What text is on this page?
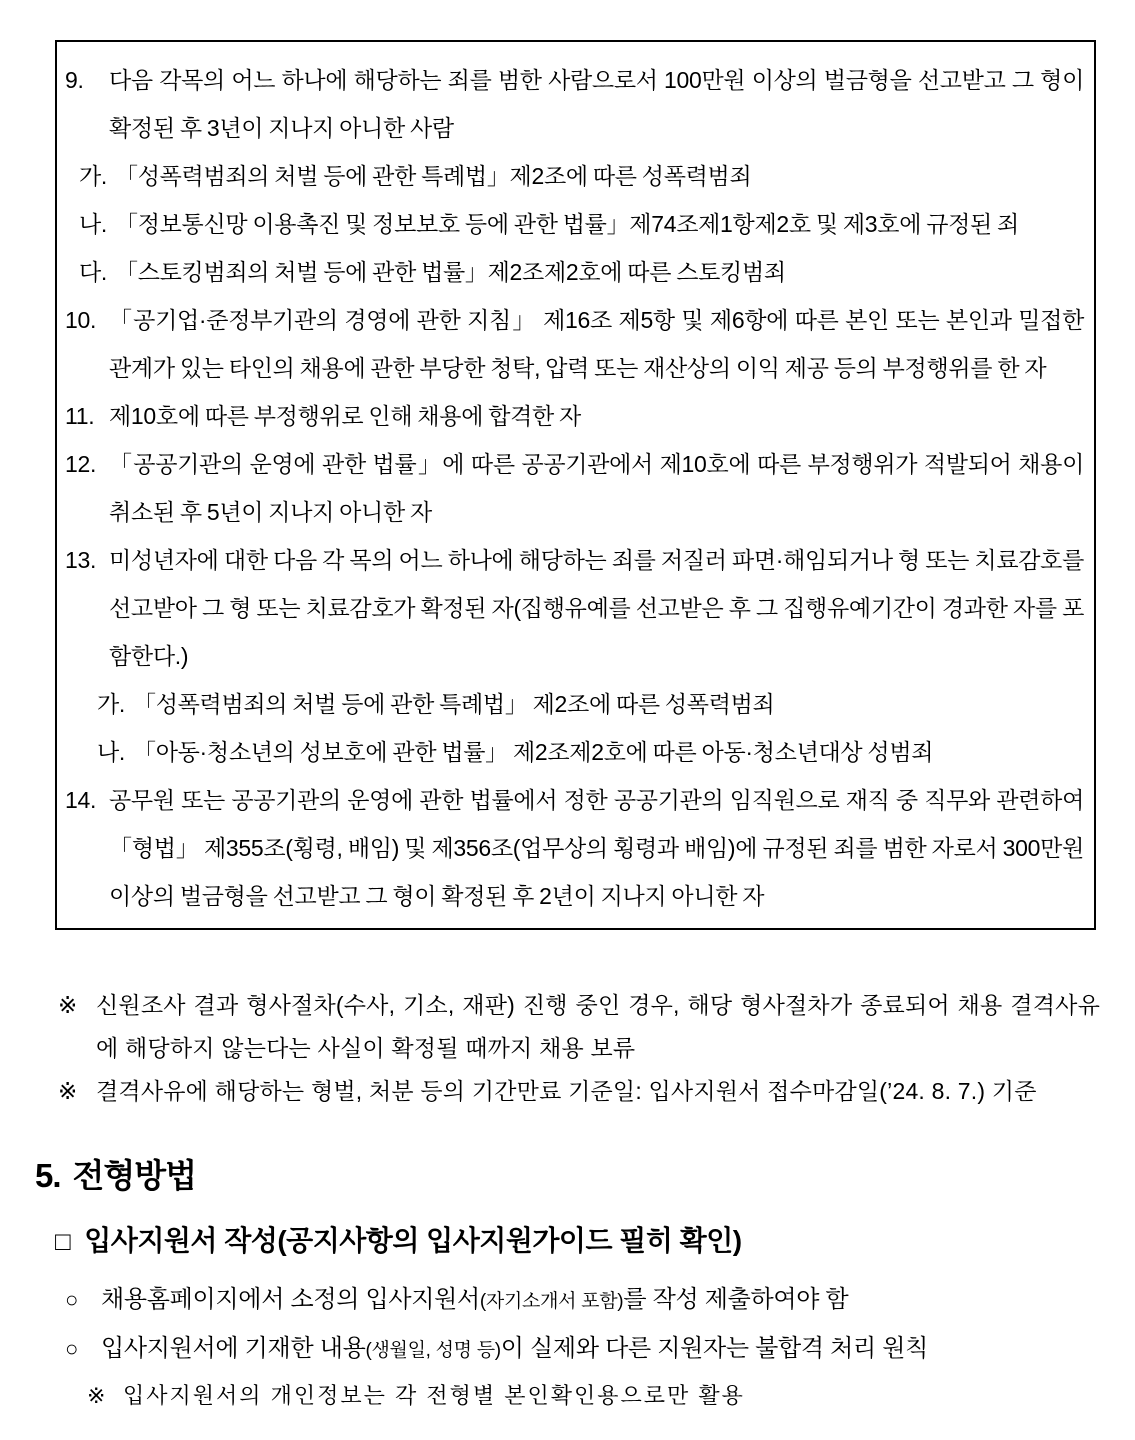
9.	다음 각목의 어느 하나에 해당하는 죄를 범한 사람으로서 100만원 이상의 벌금형을 선고받고 그 형이 확정된 후 3년이 지나지 아니한 사람
가. 「성폭력범죄의 처벌 등에 관한 특례법」제2조에 따른 성폭력범죄
나. 「정보통신망 이용촉진 및 정보보호 등에 관한 법률」제74조제1항제2호 및 제3호에 규정된 죄
다. 「스토킹범죄의 처벌 등에 관한 법률」제2조제2호에 따른 스토킹범죄
10. 「공기업·준정부기관의 경영에 관한 지침」 제16조 제5항 및 제6항에 따른 본인 또는 본인과 밀접한 관계가 있는 타인의 채용에 관한 부당한 청탁, 압력 또는 재산상의 이익 제공 등의 부정행위를 한 자
11. 제10호에 따른 부정행위로 인해 채용에 합격한 자
12. 「공공기관의 운영에 관한 법률」에 따른 공공기관에서 제10호에 따른 부정행위가 적발되어 채용이 취소된 후 5년이 지나지 아니한 자
13. 미성년자에 대한 다음 각 목의 어느 하나에 해당하는 죄를 저질러 파면·해임되거나 형 또는 치료감호를 선고받아 그 형 또는 치료감호가 확정된 자(집행유예를 선고받은 후 그 집행유예기간이 경과한 자를 포함한다.)
가. 「성폭력범죄의 처벌 등에 관한 특례법」 제2조에 따른 성폭력범죄
나. 「아동·청소년의 성보호에 관한 법률」 제2조제2호에 따른 아동·청소년대상 성범죄
14. 공무원 또는 공공기관의 운영에 관한 법률에서 정한 공공기관의 임직원으로 재직 중 직무와 관련하여 「형법」 제355조(횡령, 배임) 및 제356조(업무상의 횡령과 배임)에 규정된 죄를 범한 자로서 300만원 이상의 벌금형을 선고받고 그 형이 확정된 후 2년이 지나지 아니한 자
※ 신원조사 결과 형사절차(수사, 기소, 재판) 진행 중인 경우, 해당 형사절차가 종료되어 채용 결격사유에 해당하지 않는다는 사실이 확정될 때까지 채용 보류
※ 결격사유에 해당하는 형벌, 처분 등의 기간만료 기준일: 입사지원서 접수마감일(’24. 8. 7.) 기준
5. 전형방법
□ 입사지원서 작성(공지사항의 입사지원가이드 필히 확인)
○ 채용홈페이지에서 소정의 입사지원서(자기소개서 포함)를 작성 제출하여야 함
○ 입사지원서에 기재한 내용(생월일, 성명 등)이 실제와 다른 지원자는 불합격 처리 원칙
※ 입사지원서의 개인정보는 각 전형별 본인확인용으로만 활용
